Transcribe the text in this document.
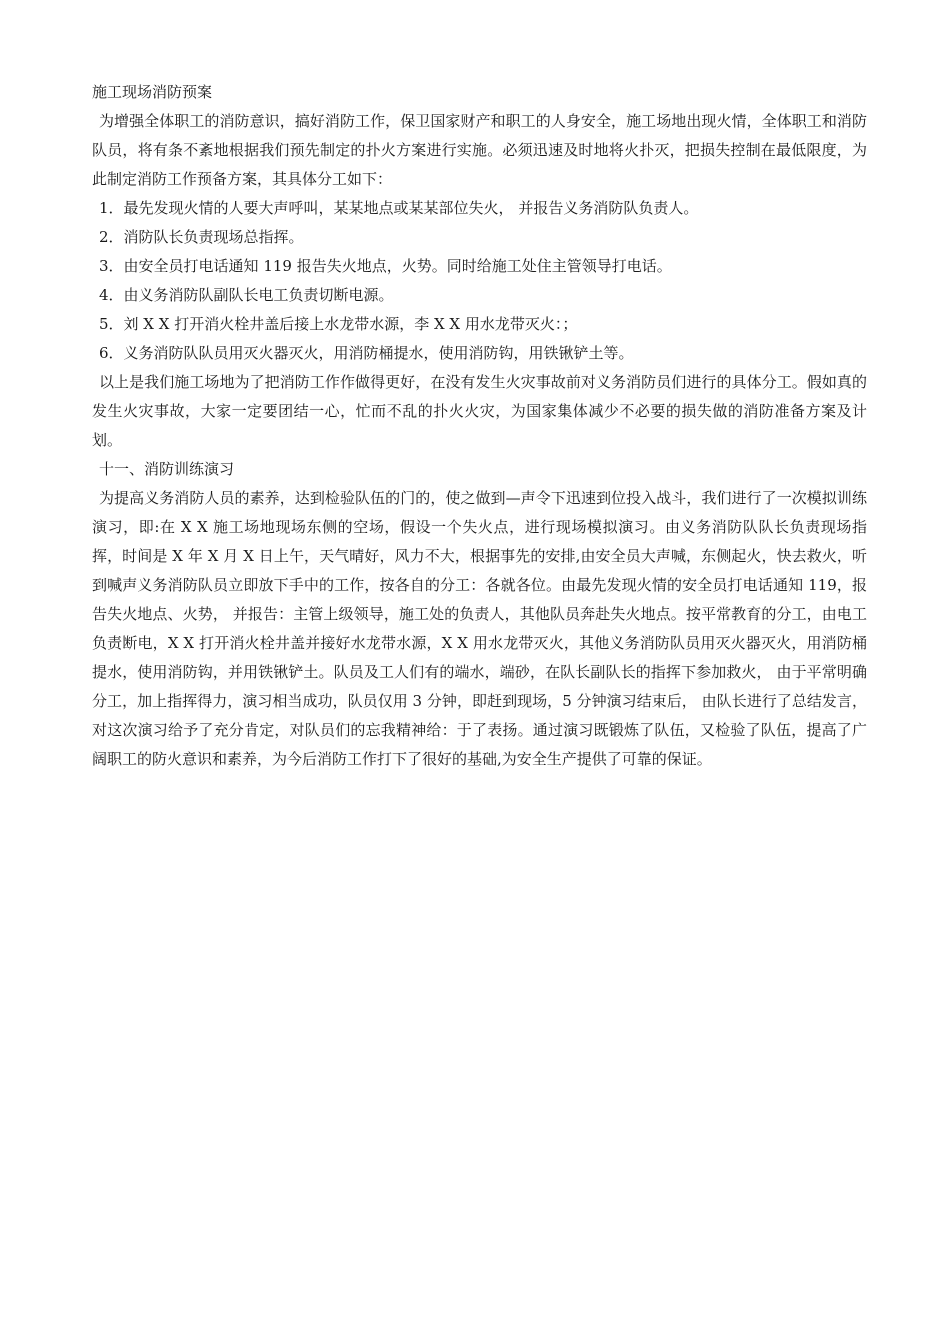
施工现场消防预案

为增强全体职工的消防意识，搞好消防工作，保卫国家财产和职工的人身安全，施工场地出现火情，全体职工和消防队员，将有条不紊地根据我们预先制定的扑火方案进行实施。必须迅速及时地将火扑灭，把损失控制在最低限度，为此制定消防工作预备方案，其具体分工如下：

1．最先发现火情的人要大声呼叫，某某地点或某某部位失火， 并报告义务消防队负责人。

2．消防队长负责现场总指挥。

3．由安全员打电话通知 119 报告失火地点，火势。同时给施工处住主管领导打电话。

4．由义务消防队副队长电工负责切断电源。

5．刘 X X 打开消火栓井盖后接上水龙带水源，李 X X 用水龙带灭火：；

6．义务消防队队员用灭火器灭火，用消防桶提水，使用消防钩，用铁锹铲土等。

以上是我们施工场地为了把消防工作作做得更好，在没有发生火灾事故前对义务消防员们进行的具体分工。假如真的发生火灾事故，大家一定要团结一心，忙而不乱的扑火火灾，为国家集体减少不必要的损失做的消防准备方案及计划。

十一、消防训练演习

为提高义务消防人员的素养，达到检验队伍的门的，使之做到—声令下迅速到位投入战斗，我们进行了一次模拟训练演习，即:在 X X 施工场地现场东侧的空场，假设一个失火点，进行现场模拟演习。由义务消防队队长负责现场指挥，时间是 X 年 X 月 X 日上午，天气晴好，风力不大，根据事先的安排,由安全员大声喊，东侧起火，快去救火，听到喊声义务消防队员立即放下手中的工作，按各自的分工：各就各位。由最先发现火情的安全员打电话通知 119，报告失火地点、火势， 并报告：主管上级领导，施工处的负责人，其他队员奔赴失火地点。按平常教育的分工，由电工负责断电，X X 打开消火栓井盖并接好水龙带水源，X X 用水龙带灭火，其他义务消防队员用灭火器灭火，用消防桶提水，使用消防钩，并用铁锹铲土。队员及工人们有的端水，端砂，在队长副队长的指挥下参加救火， 由于平常明确分工，加上指挥得力，演习相当成功，队员仅用 3 分钟，即赶到现场，5 分钟演习结束后， 由队长进行了总结发言，对这次演习给予了充分肯定，对队员们的忘我精神给：于了表扬。通过演习既锻炼了队伍，又检验了队伍，提高了广阔职工的防火意识和素养，为今后消防工作打下了很好的基础,为安全生产提供了可靠的保证。
